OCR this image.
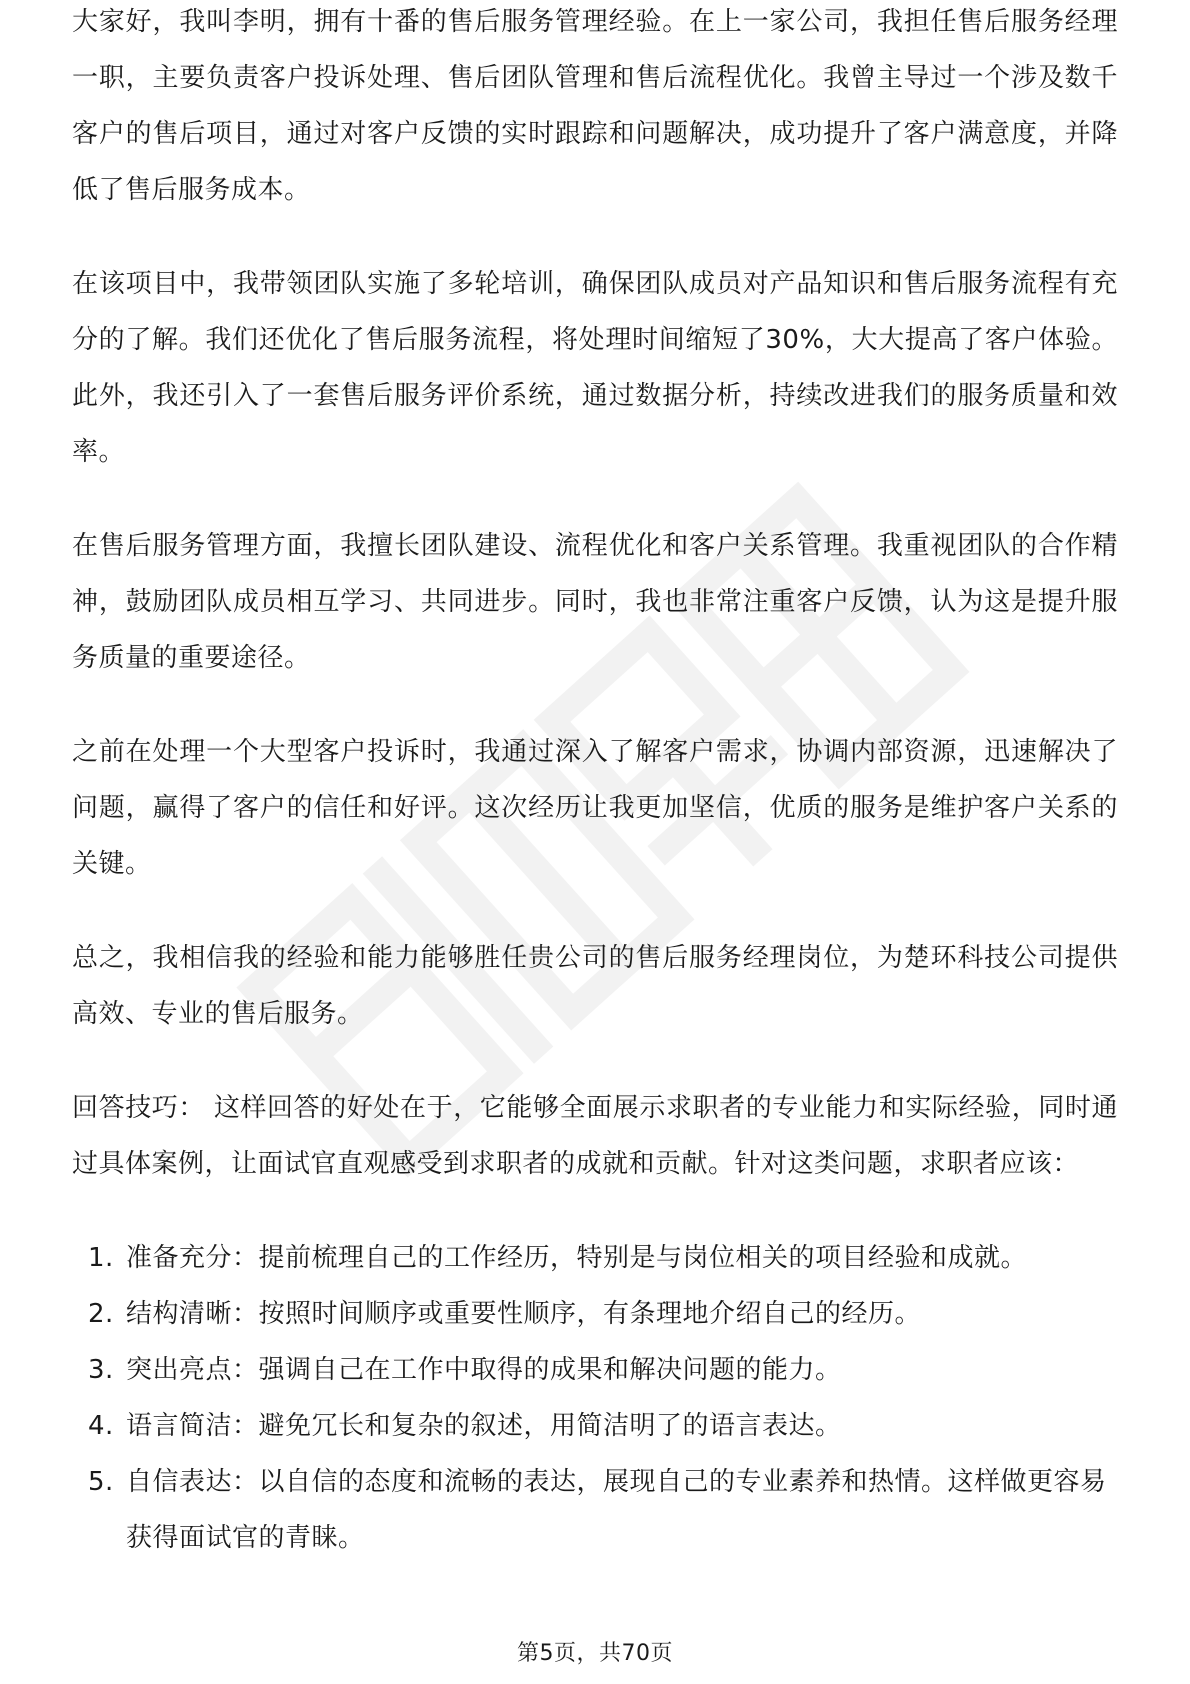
大家好，我叫李明，拥有十番的售后服务管理经验。在上一家公司，我担任售后服务经理一职，主要负责客户投诉处理、售后团队管理和售后流程优化。我曾主导过一个涉及数千客户的售后项目，通过对客户反馈的实时跟踪和问题解决，成功提升了客户满意度，并降低了售后服务成本。

在该项目中，我带领团队实施了多轮培训，确保团队成员对产品知识和售后服务流程有充分的了解。我们还优化了售后服务流程，将处理时间缩短了30%，大大提高了客户体验。此外，我还引入了一套售后服务评价系统，通过数据分析，持续改进我们的服务质量和效率。

在售后服务管理方面，我擅长团队建设、流程优化和客户关系管理。我重视团队的合作精神，鼓励团队成员相互学习、共同进步。同时，我也非常注重客户反馈，认为这是提升服务质量的重要途径。

之前在处理一个大型客户投诉时，我通过深入了解客户需求，协调内部资源，迅速解决了问题，赢得了客户的信任和好评。这次经历让我更加坚信，优质的服务是维护客户关系的关键。

总之，我相信我的经验和能力能够胜任贵公司的售后服务经理岗位，为楚环科技公司提供高效、专业的售后服务。

回答技巧： 这样回答的好处在于，它能够全面展示求职者的专业能力和实际经验，同时通过具体案例，让面试官直观感受到求职者的成就和贡献。针对这类问题，求职者应该：

1. 准备充分：提前梳理自己的工作经历，特别是与岗位相关的项目经验和成就。
2. 结构清晰：按照时间顺序或重要性顺序，有条理地介绍自己的经历。
3. 突出亮点：强调自己在工作中取得的成果和解决问题的能力。
4. 语言简洁：避免冗长和复杂的叙述，用简洁明了的语言表达。
5. 自信表达：以自信的态度和流畅的表达，展现自己的专业素养和热情。这样做更容易获得面试官的青睐。
第5页，共70页
